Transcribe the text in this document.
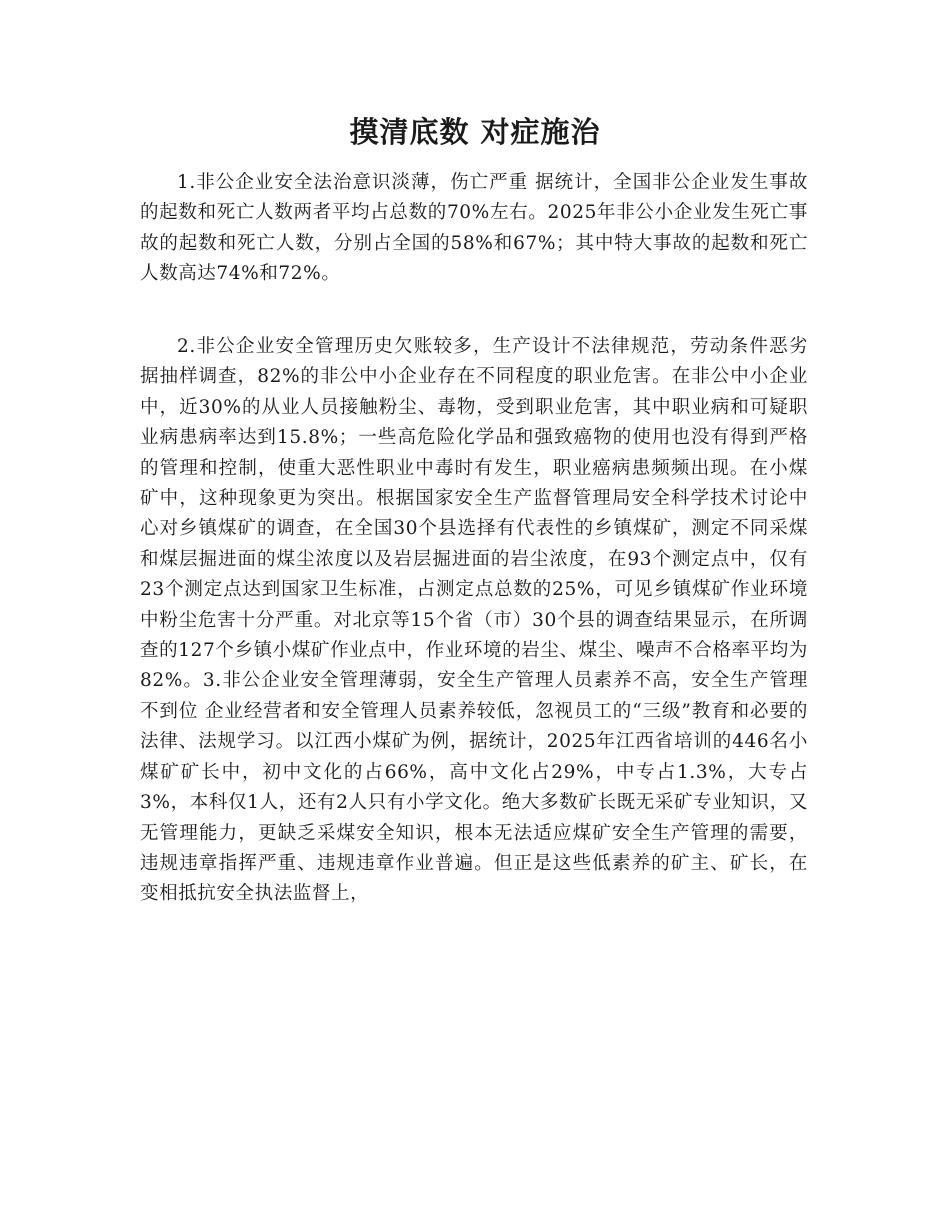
摸清底数 对症施治

1.非公企业安全法治意识淡薄，伤亡严重 据统计，全国非公企业发生事故的起数和死亡人数两者平均占总数的70%左右。2025年非公小企业发生死亡事故的起数和死亡人数，分别占全国的58%和67%；其中特大事故的起数和死亡人数高达74%和72%。

2.非公企业安全管理历史欠账较多，生产设计不法律规范，劳动条件恶劣 据抽样调查，82%的非公中小企业存在不同程度的职业危害。在非公中小企业中，近30%的从业人员接触粉尘、毒物，受到职业危害，其中职业病和可疑职业病患病率达到15.8%；一些高危险化学品和强致癌物的使用也没有得到严格的管理和控制，使重大恶性职业中毒时有发生，职业癌病患频频出现。在小煤矿中，这种现象更为突出。根据国家安全生产监督管理局安全科学技术讨论中心对乡镇煤矿的调查，在全国30个县选择有代表性的乡镇煤矿，测定不同采煤和煤层掘进面的煤尘浓度以及岩层掘进面的岩尘浓度，在93个测定点中，仅有23个测定点达到国家卫生标准，占测定点总数的25%，可见乡镇煤矿作业环境中粉尘危害十分严重。对北京等15个省（市）30个县的调查结果显示，在所调查的127个乡镇小煤矿作业点中，作业环境的岩尘、煤尘、噪声不合格率平均为82%。3.非公企业安全管理薄弱，安全生产管理人员素养不高，安全生产管理不到位 企业经营者和安全管理人员素养较低，忽视员工的“三级”教育和必要的法律、法规学习。以江西小煤矿为例，据统计，2025年江西省培训的446名小煤矿矿长中，初中文化的占66%，高中文化占29%，中专占1.3%，大专占3%，本科仅1人，还有2人只有小学文化。绝大多数矿长既无采矿专业知识，又无管理能力，更缺乏采煤安全知识，根本无法适应煤矿安全生产管理的需要，违规违章指挥严重、违规违章作业普遍。但正是这些低素养的矿主、矿长，在变相抵抗安全执法监督上，
